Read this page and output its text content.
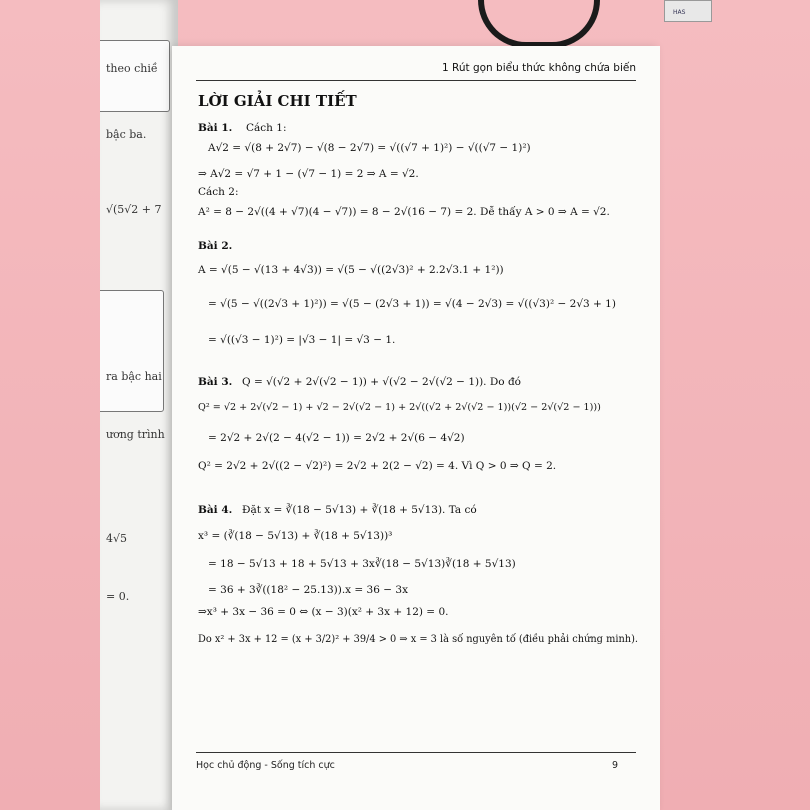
HAS
theo chiề
bậc ba.
√(5√2 + 7
ra bậc hai
ương trình
4√5
= 0.
1 Rút gọn biểu thức không chứa biến
LỜI GIẢI CHI TIẾT
Bài 1. Cách 1:
A√2 = √(8 + 2√7) − √(8 − 2√7) = √((√7 + 1)²) − √((√7 − 1)²)
⇒ A√2 = √7 + 1 − (√7 − 1) = 2 ⇒ A = √2.
Cách 2:
A² = 8 − 2√((4 + √7)(4 − √7)) = 8 − 2√(16 − 7) = 2. Dễ thấy A > 0 ⇒ A = √2.
Bài 2.
A = √(5 − √(13 + 4√3)) = √(5 − √((2√3)² + 2.2√3.1 + 1²))
= √(5 − √((2√3 + 1)²)) = √(5 − (2√3 + 1)) = √(4 − 2√3) = √((√3)² − 2√3 + 1)
= √((√3 − 1)²) = |√3 − 1| = √3 − 1.
Bài 3. Q = √(√2 + 2√(√2 − 1)) + √(√2 − 2√(√2 − 1)). Do đó
Q² = √2 + 2√(√2 − 1) + √2 − 2√(√2 − 1) + 2√((√2 + 2√(√2 − 1))(√2 − 2√(√2 − 1)))
= 2√2 + 2√(2 − 4(√2 − 1)) = 2√2 + 2√(6 − 4√2)
Q² = 2√2 + 2√((2 − √2)²) = 2√2 + 2(2 − √2) = 4. Vì Q > 0 ⇒ Q = 2.
Bài 4. Đặt x = ∛(18 − 5√13) + ∛(18 + 5√13). Ta có
x³ = (∛(18 − 5√13) + ∛(18 + 5√13))³
= 18 − 5√13 + 18 + 5√13 + 3x∛(18 − 5√13)∛(18 + 5√13)
= 36 + 3∛((18² − 25.13)).x = 36 − 3x
⇒x³ + 3x − 36 = 0 ⇔ (x − 3)(x² + 3x + 12) = 0.
Do x² + 3x + 12 = (x + 3/2)² + 39/4 > 0 ⇒ x = 3 là số nguyên tố (điều phải chứng minh).
Học chủ động - Sống tích cực	9
